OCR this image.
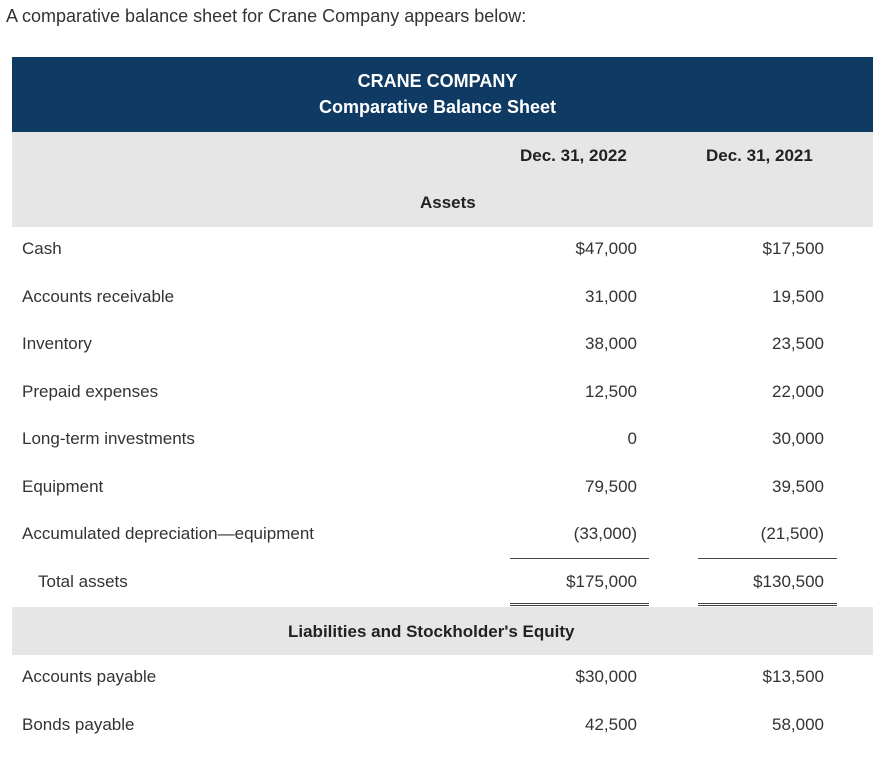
A comparative balance sheet for Crane Company appears below:
CRANE COMPANY
Comparative Balance Sheet
Dec. 31, 2022	Dec. 31, 2021
Assets
Cash	$47,000	$17,500
Accounts receivable	31,000	19,500
Inventory	38,000	23,500
Prepaid expenses	12,500	22,000
Long-term investments	0	30,000
Equipment	79,500	39,500
Accumulated depreciation—equipment	(33,000)	(21,500)
Total assets	$175,000	$130,500
Liabilities and Stockholder's Equity
Accounts payable	$30,000	$13,500
Bonds payable	42,500	58,000
